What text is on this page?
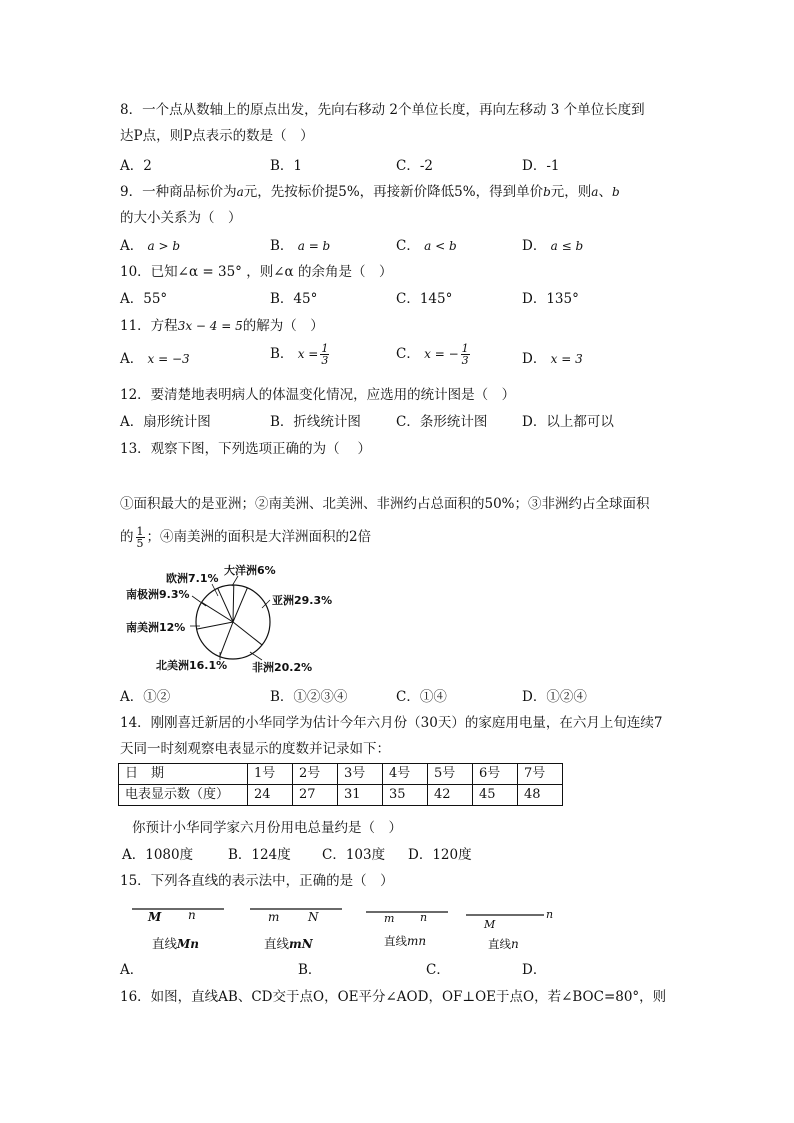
8．一个点从数轴上的原点出发，先向右移动 2个单位长度，再向左移动 3 个单位长度到
达P点，则P点表示的数是（　）
A．2	B．1	C．-2	D．-1
9．一种商品标价为a元，先按标价提5%，再接新价降低5%，得到单价b元，则a、b
的大小关系为（　）
A． a > b	B． a = b	C． a < b	D． a ≤ b
10．已知∠α = 35° ，则∠α 的余角是（　）
A．55°	B．45°	C．145°	D．135°
11．方程3x − 4 = 5的解为（　）
A． x = −3	B． $x = \frac{1}{3}$	C． x = − $\frac{1}{3}$	D． x = 3
12．要清楚地表明病人的体温变化情况，应选用的统计图是（　）
A．扇形统计图	B．折线统计图	C．条形统计图	D．以上都可以
13．观察下图，下列选项正确的为（　 ）
①面积最大的是亚洲；②南美洲、北美洲、非洲约占总面积的50%；③非洲约占全球面积
的 $\frac{1}{5}$ ；④南美洲的面积是大洋洲面积的2倍
大洋洲6%
欧洲7.1%
南极洲9.3%	亚洲29.3%
南美洲12%
北美洲16.1% 非洲20.2%
A．①②	B．①②③④	C．①④	D．①②④
14．刚刚喜迁新居的小华同学为估计今年六月份（30天）的家庭用电量，在六月上旬连续7
天同一时刻观察电表显示的度数并记录如下：
日　期	1号	2号	3号	4号	5号	6号	7号
电表显示数（度）	24	27	31	35	42	45	48
你预计小华同学家六月份用电总量约是（　）
A．1080度	B．124度 C．103度 D．120度
15．下列各直线的表示法中，正确的是（　）
M n
直线Mn
m N
直线mN
m n
直线mn
M
n
直线n
A．	B．	C．	D．
16．如图，直线AB、CD交于点O，OE平分∠AOD，OF⊥OE于点O，若∠BOC=80°，则
